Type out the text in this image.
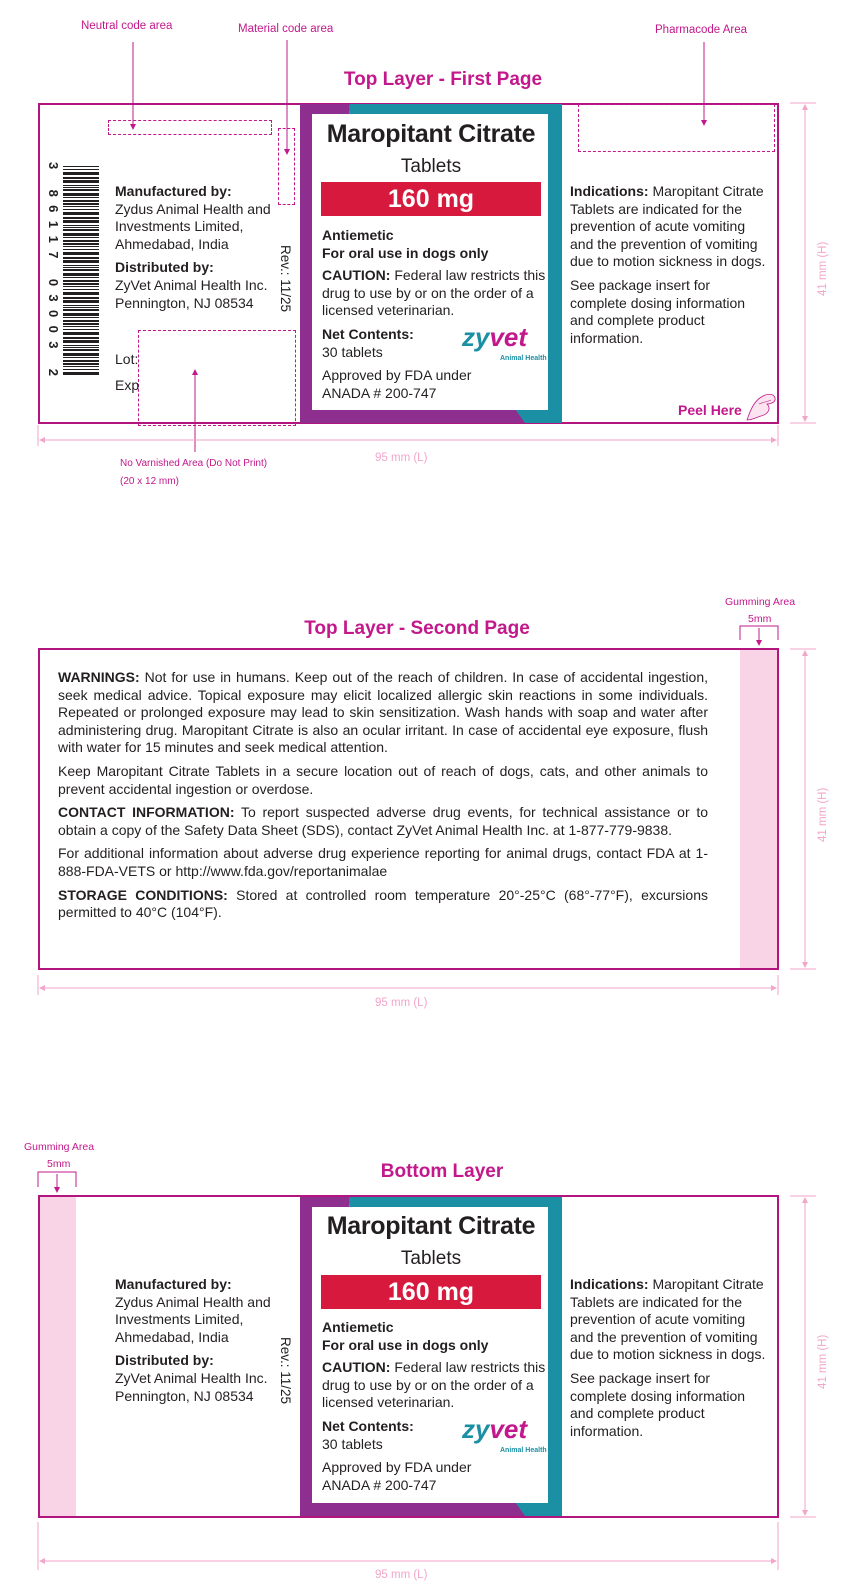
Neutral code area	Material code area	Pharmacode Area
Top Layer - First Page
95 mm (L)
41 mm (H)
No Varnished Area (Do Not Print)
(20 x 12 mm)
3 86117 03003 2
Manufactured by:
Zydus Animal Health and
Investments Limited,
Ahmedabad, India
Distributed by:
ZyVet Animal Health Inc.
Pennington, NJ 08534
Lot:
Exp
Rev.: 11/25
Maropitant Citrate
Tablets
160 mg
Antiemetic
For oral use in dogs only
CAUTION: Federal law restricts this drug to use by or on the order of a licensed veterinarian.
Net Contents:
30 tablets
Approved by FDA under
ANADA # 200-747
zyvet
Animal Health
Indications: Maropitant Citrate Tablets are indicated for the prevention of acute vomiting and the prevention of vomiting due to motion sickness in dogs.
See package insert for complete dosing information and complete product information.
Peel Here
Gumming Area
5mm
Top Layer - Second Page
95 mm (L)
41 mm (H)
WARNINGS: Not for use in humans. Keep out of the reach of children. In case of accidental ingestion, seek medical advice. Topical exposure may elicit localized allergic skin reactions in some individuals. Repeated or prolonged exposure may lead to skin sensitization. Wash hands with soap and water after administering drug. Maropitant Citrate is also an ocular irritant. In case of accidental eye exposure, flush with water for 15 minutes and seek medical attention.
Keep Maropitant Citrate Tablets in a secure location out of reach of dogs, cats, and other animals to prevent accidental ingestion or overdose.
CONTACT INFORMATION: To report suspected adverse drug events, for technical assistance or to obtain a copy of the Safety Data Sheet (SDS), contact ZyVet Animal Health Inc. at 1-877-779-9838.
For additional information about adverse drug experience reporting for animal drugs, contact FDA at 1-888-FDA-VETS or http://www.fda.gov/reportanimalae
STORAGE CONDITIONS: Stored at controlled room temperature 20°-25°C (68°-77°F), excursions permitted to 40°C (104°F).
Gumming Area
5mm	Bottom Layer
95 mm (L)
41 mm (H)
Manufactured by:
Zydus Animal Health and
Investments Limited,
Ahmedabad, India
Distributed by:
ZyVet Animal Health Inc.
Pennington, NJ 08534	Rev.: 11/25
Maropitant Citrate
Tablets
160 mg
Antiemetic
For oral use in dogs only
CAUTION: Federal law restricts this drug to use by or on the order of a licensed veterinarian.
Net Contents:
30 tablets
Approved by FDA under
ANADA # 200-747
zyvet
Animal Health
Indications: Maropitant Citrate Tablets are indicated for the prevention of acute vomiting and the prevention of vomiting due to motion sickness in dogs.
See package insert for complete dosing information and complete product information.
